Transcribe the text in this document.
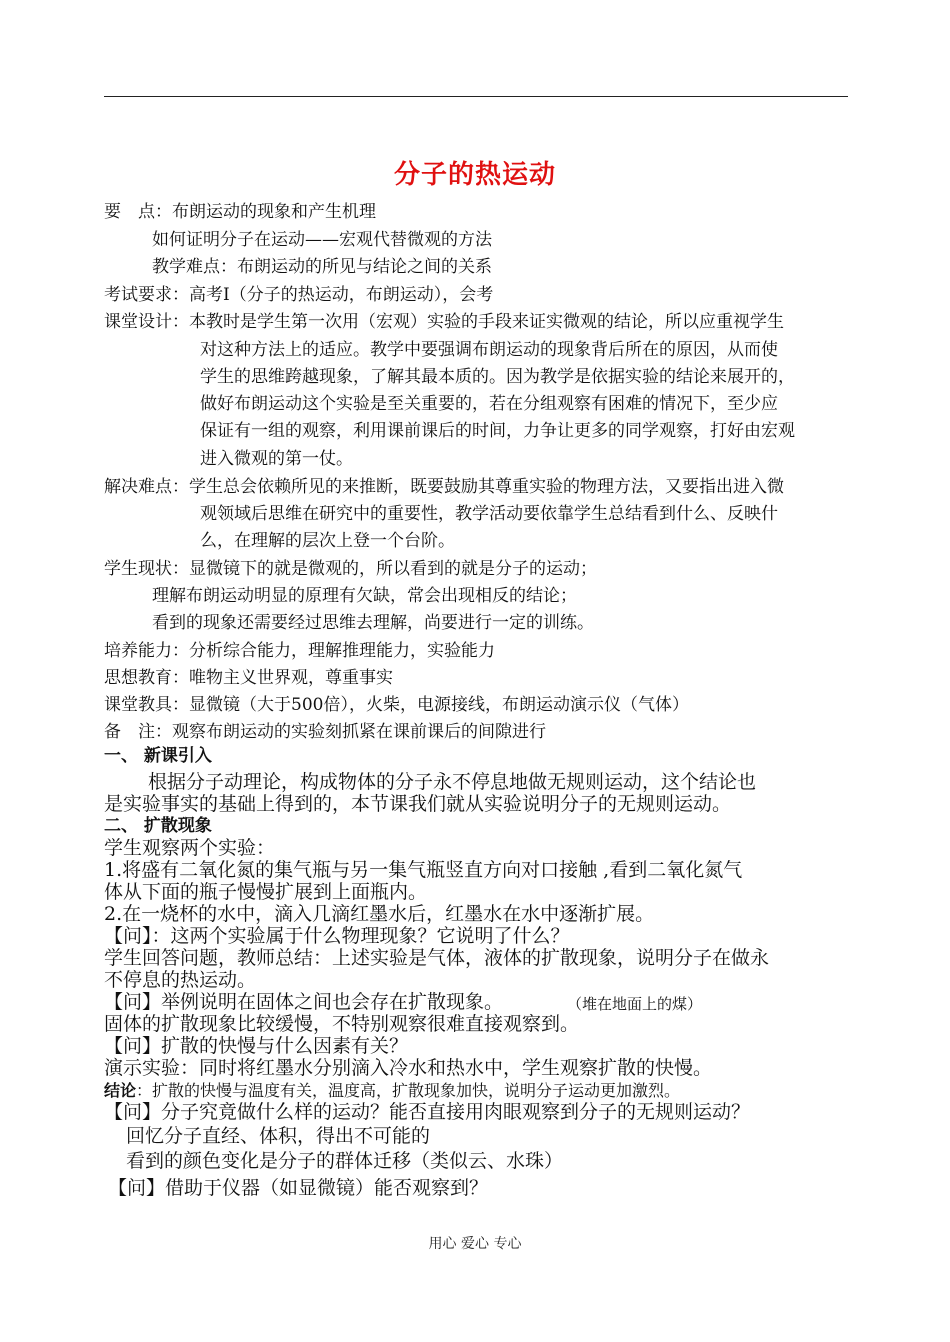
分子的热运动
要　点：布朗运动的现象和产生机理
如何证明分子在运动——宏观代替微观的方法
教学难点：布朗运动的所见与结论之间的关系
考试要求：高考Ⅰ（分子的热运动，布朗运动），会考
课堂设计：本教时是学生第一次用（宏观）实验的手段来证实微观的结论，所以应重视学生
对这种方法上的适应。教学中要强调布朗运动的现象背后所在的原因，从而使
学生的思维跨越现象，了解其最本质的。因为教学是依据实验的结论来展开的，
做好布朗运动这个实验是至关重要的，若在分组观察有困难的情况下，至少应
保证有一组的观察，利用课前课后的时间，力争让更多的同学观察，打好由宏观
进入微观的第一仗。
解决难点：学生总会依赖所见的来推断，既要鼓励其尊重实验的物理方法，又要指出进入微
观领域后思维在研究中的重要性，教学活动要依靠学生总结看到什么、反映什
么，在理解的层次上登一个台阶。
学生现状：显微镜下的就是微观的，所以看到的就是分子的运动；
理解布朗运动明显的原理有欠缺，常会出现相反的结论；
看到的现象还需要经过思维去理解，尚要进行一定的训练。
培养能力：分析综合能力，理解推理能力，实验能力
思想教育：唯物主义世界观，尊重事实
课堂教具：显微镜（大于500倍），火柴，电源接线，布朗运动演示仪（气体）
备　注：观察布朗运动的实验刻抓紧在课前课后的间隙进行
一、 新课引入
根据分子动理论，构成物体的分子永不停息地做无规则运动，这个结论也
是实验事实的基础上得到的，本节课我们就从实验说明分子的无规则运动。
二、 扩散现象
学生观察两个实验：
1.将盛有二氧化氮的集气瓶与另一集气瓶竖直方向对口接触 ,看到二氧化氮气
体从下面的瓶子慢慢扩展到上面瓶内。
2.在一烧杯的水中，滴入几滴红墨水后，红墨水在水中逐渐扩展。
【问】：这两个实验属于什么物理现象？它说明了什么？
学生回答问题，教师总结：上述实验是气体，液体的扩散现象，说明分子在做永
不停息的热运动。
【问】举例说明在固体之间也会存在扩散现象。	（堆在地面上的煤）
固体的扩散现象比较缓慢，不特别观察很难直接观察到。
【问】扩散的快慢与什么因素有关？
演示实验：同时将红墨水分别滴入冷水和热水中，学生观察扩散的快慢。
结论：扩散的快慢与温度有关，温度高，扩散现象加快，说明分子运动更加激烈。
【问】分子究竟做什么样的运动？能否直接用肉眼观察到分子的无规则运动？
回忆分子直经、体积，得出不可能的
看到的颜色变化是分子的群体迁移（类似云、水珠）
【问】借助于仪器（如显微镜）能否观察到？
用心 爱心 专心
